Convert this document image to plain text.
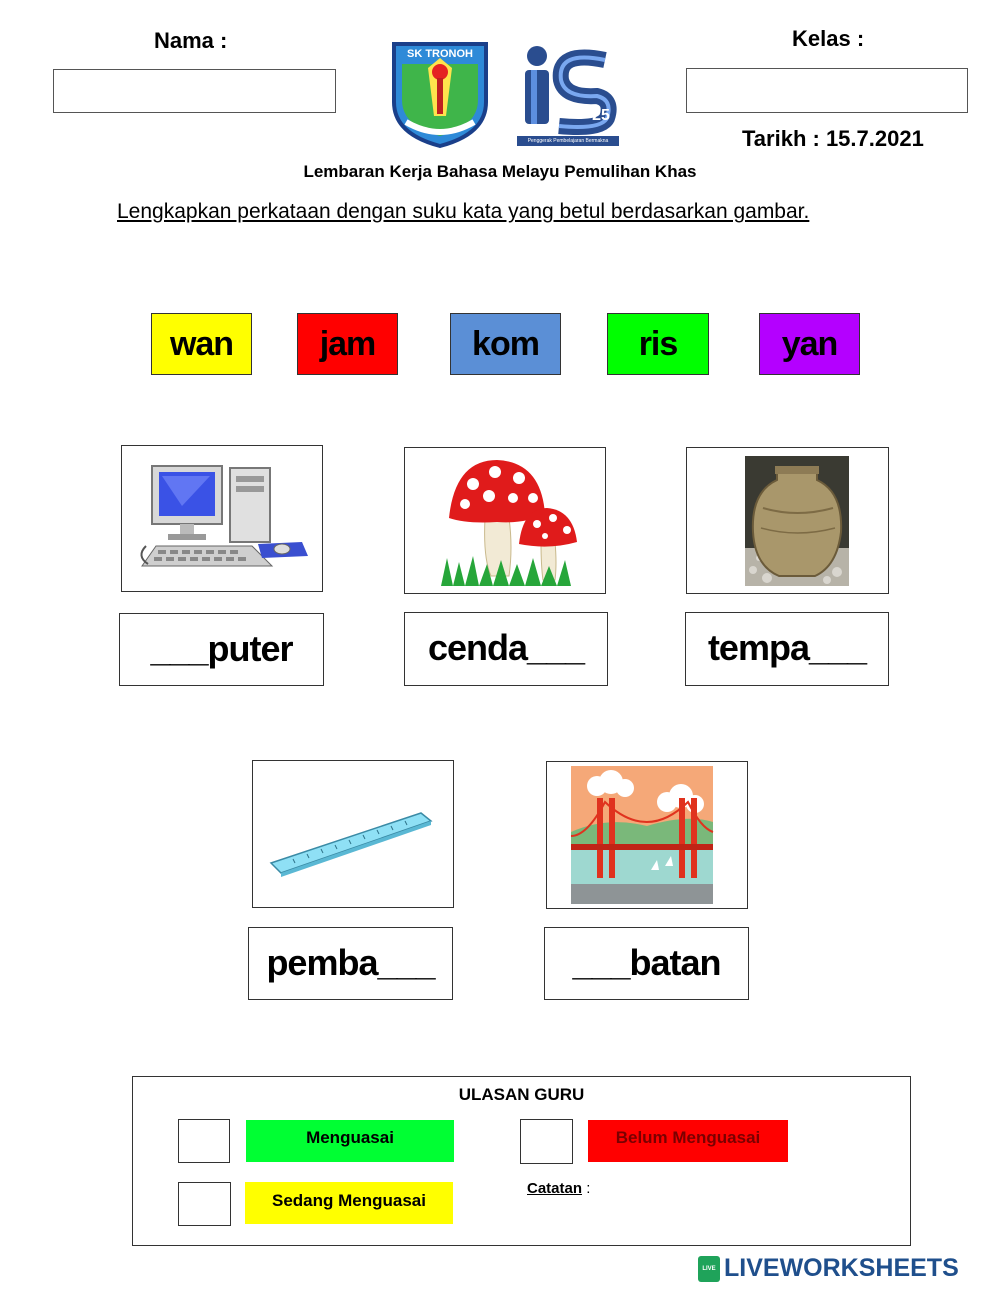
Nama :	Kelas :
Tarikh : 15.7.2021
SK TRONOH
25
Penggerak Pembelajaran Bermakna
Lembaran Kerja Bahasa Melayu Pemulihan Khas
Lengkapkan perkataan dengan suku kata yang betul berdasarkan gambar.
wan	jam	kom	ris	yan
___puter	cenda___	tempa___
pemba___	___batan
ULASAN GURU
Menguasai	Belum Menguasai
Sedang Menguasai
Catatan :
LIVE LIVEWORKSHEETS
